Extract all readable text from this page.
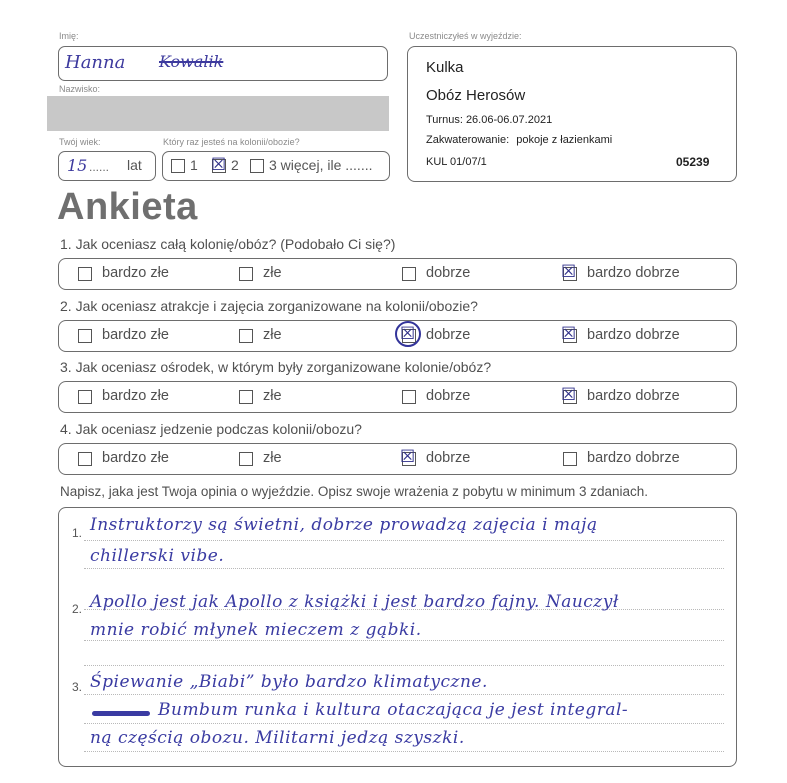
Imię:
Hanna Kowalik
Nazwisko:
Twój wiek:
15 ...... lat
Który raz jesteś na kolonii/obozie?
1 ☒ 2 3 więcej, ile .......
Uczestniczyłeś w wyjeździe:
Kulka
Obóz Herosów
Turnus: 26.06-06.07.2021
Zakwaterowanie: pokoje z łazienkami
KUL 01/07/1	05239
Ankieta
1. Jak oceniasz całą kolonię/obóz? (Podobało Ci się?)
bardzo złe	złe	dobrze	☒ bardzo dobrze
2. Jak oceniasz atrakcje i zajęcia zorganizowane na kolonii/obozie?
bardzo złe	złe	☒ dobrze	☒ bardzo dobrze
3. Jak oceniasz ośrodek, w którym były zorganizowane kolonie/obóz?
bardzo złe	złe	dobrze	☒ bardzo dobrze
4. Jak oceniasz jedzenie podczas kolonii/obozu?
bardzo złe	złe	☒ dobrze	bardzo dobrze
Napisz, jaka jest Twoja opinia o wyjeździe. Opisz swoje wrażenia z pobytu w minimum 3 zdaniach.
1. Instruktorzy są świetni, dobrze prowadzą zajęcia i mają
chillerski vibe.
2. Apollo jest jak Apollo z książki i jest bardzo fajny. Nauczył
mnie robić młynek mieczem z gąbki.
3. Śpiewanie „Biabi” było bardzo klimatyczne.
Bumbum runka i kultura otaczająca je jest integral-
ną częścią obozu. Militarni jedzą szyszki.
